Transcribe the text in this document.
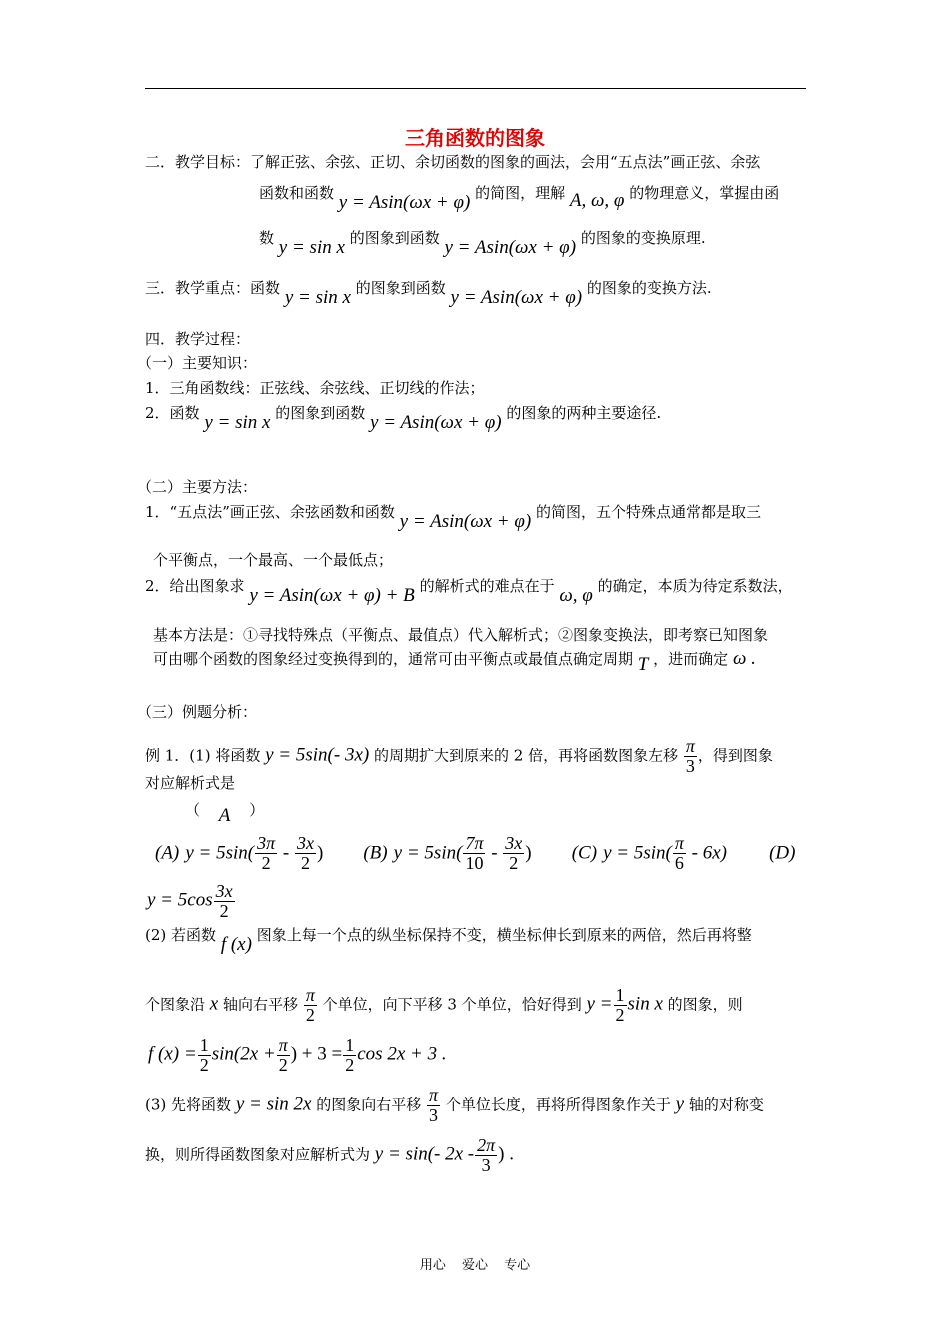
三角函数的图象
二．教学目标：了解正弦、余弦、正切、余切函数的图象的画法，会用“五点法”画正弦、余弦
函数和函数 y = Asin(ωx + φ) 的简图，理解 A, ω, φ 的物理意义，掌握由函
数 y = sin x 的图象到函数 y = Asin(ωx + φ) 的图象的变换原理.
三．教学重点：函数 y = sin x 的图象到函数 y = Asin(ωx + φ) 的图象的变换方法.
四．教学过程：
（一）主要知识：
1．三角函数线：正弦线、余弦线、正切线的作法；
2．函数 y = sin x 的图象到函数 y = Asin(ωx + φ) 的图象的两种主要途径.
（二）主要方法：
1．“五点法”画正弦、余弦函数和函数 y = Asin(ωx + φ) 的简图，五个特殊点通常都是取三
个平衡点，一个最高、一个最低点；
2．给出图象求 y = Asin(ωx + φ) + B 的解析式的难点在于 ω, φ 的确定，本质为待定系数法，
基本方法是：①寻找特殊点（平衡点、最值点）代入解析式；②图象变换法，即考察已知图象
可由哪个函数的图象经过变换得到的，通常可由平衡点或最值点确定周期 T ，进而确定 ω .
（三）例题分析：
例 1．(1) 将函数 y = 5sin(- 3x) 的周期扩大到原来的 2 倍，再将函数图象左移 $\frac{\pi}{3}$ ，得到图象
对应解析式是
（ A ）
(A) $y = 5\sin( \frac{3\pi}{2} - \frac{3x}{2}$ ) (B) $y = 5\sin( \frac{7\pi}{10} - \frac{3x}{2}$ ) (C) $y = 5\sin( \frac{\pi}{6} - 6x)$ (D)
$y = 5\cos \frac{3x}{2}$
(2) 若函数 f (x) 图象上每一个点的纵坐标保持不变，横坐标伸长到原来的两倍，然后再将整
个图象沿 x 轴向右平移 $\frac{\pi}{2}$ 个单位，向下平移 3 个单位，恰好得到 $y = \frac{1}{2}$ sin x 的图象，则
f $(x) = \frac{1}{2} \sin(2x + \frac{\pi}{2}$ ) + $3 = \frac{1}{2}$ cos 2x + 3 .
(3) 先将函数 y = sin 2x 的图象向右平移 $\frac{\pi}{3}$ 个单位长度，再将所得图象作关于 y 轴的对称变
换，则所得函数图象对应解析式为 y = sin(- $2x - \frac{2\pi}{3}$ ) .
用心 爱心 专心
